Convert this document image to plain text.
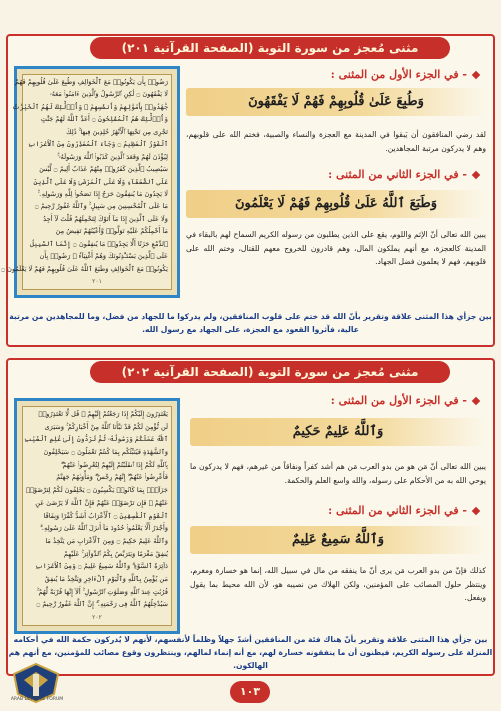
مثنى مُعجز من سورة التوبة (الصفحة القرآنية ٢٠١)
رَضُوا۟ بِأَن يَكُونُوا۟ مَعَ ٱلْخَوَالِفِ وَطُبِعَ عَلَىٰ قُلُوبِهِمْ فَهُمْ
لَا يَفْقَهُونَ ۝ لَٰكِنِ ٱلرَّسُولُ وَٱلَّذِينَ ءَامَنُوا۟ مَعَهُۥ
جَٰهَدُوا۟ بِأَمْوَٰلِهِمْ وَأَنفُسِهِمْ ۚ وَأُو۟لَٰٓئِكَ لَهُمُ ٱلْخَيْرَٰتُ
وَأُو۟لَٰٓئِكَ هُمُ ٱلْمُفْلِحُونَ ۝ أَعَدَّ ٱللَّهُ لَهُمْ جَنَّٰتٍ
تَجْرِى مِن تَحْتِهَا ٱلْأَنْهَٰرُ خَٰلِدِينَ فِيهَا ۚ ذَٰلِكَ
ٱلْفَوْزُ ٱلْعَظِيمُ ۝ وَجَآءَ ٱلْمُعَذِّرُونَ مِنَ ٱلْأَعْرَابِ
لِيُؤْذَنَ لَهُمْ وَقَعَدَ ٱلَّذِينَ كَذَبُوا۟ ٱللَّهَ وَرَسُولَهُۥ ۚ
سَيُصِيبُ ٱلَّذِينَ كَفَرُوا۟ مِنْهُمْ عَذَابٌ أَلِيمٌ ۝ لَّيْسَ
عَلَى ٱلضُّعَفَآءِ وَلَا عَلَى ٱلْمَرْضَىٰ وَلَا عَلَى ٱلَّذِينَ
لَا يَجِدُونَ مَا يُنفِقُونَ حَرَجٌ إِذَا نَصَحُوا۟ لِلَّهِ وَرَسُولِهِۦ ۚ
مَا عَلَى ٱلْمُحْسِنِينَ مِن سَبِيلٍ ۚ وَٱللَّهُ غَفُورٌ رَّحِيمٌ ۝
وَلَا عَلَى ٱلَّذِينَ إِذَا مَآ أَتَوْكَ لِتَحْمِلَهُمْ قُلْتَ لَآ أَجِدُ
مَآ أَحْمِلُكُمْ عَلَيْهِ تَوَلَّوا۟ وَّأَعْيُنُهُمْ تَفِيضُ مِنَ
ٱلدَّمْعِ حَزَنًا أَلَّا يَجِدُوا۟ مَا يُنفِقُونَ ۝ إِنَّمَا ٱلسَّبِيلُ
عَلَى ٱلَّذِينَ يَسْتَـْٔذِنُونَكَ وَهُمْ أَغْنِيَآءُ ۚ رَضُوا۟ بِأَن
يَكُونُوا۟ مَعَ ٱلْخَوَالِفِ وَطَبَعَ ٱللَّهُ عَلَىٰ قُلُوبِهِمْ فَهُمْ لَا يَعْلَمُونَ ۝
٢٠١
- في الجزء الأول من المثنى :
وَطُبِعَ عَلَىٰ قُلُوبِهِمْ فَهُمْ لَا يَفْقَهُونَ
لقد رضي المنافقون أن يَبقوا في المدينة مع العجزة والنساء والصبية، فختم الله على قلوبهم، وهم لا يدركون مرتبة المجاهدين.
- في الجزء الثاني من المثنى :
وَطَبَعَ ٱللَّهُ عَلَىٰ قُلُوبِهِمْ فَهُمْ لَا يَعْلَمُونَ
يبين الله تعالى أنّ الإثم واللوم، يقع على الذين يطلبون من رسوله الكريم السماح لهم بالبقاء في المدينة كالعجزة، مع أنهم يملكون المال، وهم قادرون للخروج معهم للقتال، وختم الله على قلوبهم، فهم لا يعلمون فضل الجهاد.
بين جزأي هذا المثنى علاقة وتقرير بأنّ الله قد ختم على قلوب المنافقين، ولم يدركوا ما للجهاد من فضل، وما للمجاهدين من مرتبة عالية، فآثروا القعود مع العجزة، على الجهاد مع رسول الله.
مثنى مُعجز من سورة التوبة (الصفحة القرآنية ٢٠٢)
يَعْتَذِرُونَ إِلَيْكُمْ إِذَا رَجَعْتُمْ إِلَيْهِمْ ۚ قُل لَّا تَعْتَذِرُوا۟
لَن نُّؤْمِنَ لَكُمْ قَدْ نَبَّأَنَا ٱللَّهُ مِنْ أَخْبَارِكُمْ ۚ وَسَيَرَى
ٱللَّهُ عَمَلَكُمْ وَرَسُولُهُۥ ثُمَّ تُرَدُّونَ إِلَىٰ عَٰلِمِ ٱلْغَيْبِ
وَٱلشَّهَٰدَةِ فَيُنَبِّئُكُم بِمَا كُنتُمْ تَعْمَلُونَ ۝ سَيَحْلِفُونَ
بِٱللَّهِ لَكُمْ إِذَا ٱنقَلَبْتُمْ إِلَيْهِمْ لِتُعْرِضُوا۟ عَنْهُمْ ۖ
فَأَعْرِضُوا۟ عَنْهُمْ ۖ إِنَّهُمْ رِجْسٌ ۖ وَمَأْوَىٰهُمْ جَهَنَّمُ
جَزَآءًۢ بِمَا كَانُوا۟ يَكْسِبُونَ ۝ يَحْلِفُونَ لَكُمْ لِتَرْضَوْا۟
عَنْهُمْ ۖ فَإِن تَرْضَوْا۟ عَنْهُمْ فَإِنَّ ٱللَّهَ لَا يَرْضَىٰ عَنِ
ٱلْقَوْمِ ٱلْفَٰسِقِينَ ۝ ٱلْأَعْرَابُ أَشَدُّ كُفْرًا وَنِفَاقًا
وَأَجْدَرُ أَلَّا يَعْلَمُوا۟ حُدُودَ مَآ أَنزَلَ ٱللَّهُ عَلَىٰ رَسُولِهِۦ ۗ
وَٱللَّهُ عَلِيمٌ حَكِيمٌ ۝ وَمِنَ ٱلْأَعْرَابِ مَن يَتَّخِذُ مَا
يُنفِقُ مَغْرَمًا وَيَتَرَبَّصُ بِكُمُ ٱلدَّوَآئِرَ ۚ عَلَيْهِمْ
دَآئِرَةُ ٱلسَّوْءِ ۗ وَٱللَّهُ سَمِيعٌ عَلِيمٌ ۝ وَمِنَ ٱلْأَعْرَابِ
مَن يُؤْمِنُ بِٱللَّهِ وَٱلْيَوْمِ ٱلْءَاخِرِ وَيَتَّخِذُ مَا يُنفِقُ
قُرُبَٰتٍ عِندَ ٱللَّهِ وَصَلَوَٰتِ ٱلرَّسُولِ ۚ أَلَآ إِنَّهَا قُرْبَةٌ لَّهُمْ ۚ
سَيُدْخِلُهُمُ ٱللَّهُ فِى رَحْمَتِهِۦٓ ۗ إِنَّ ٱللَّهَ غَفُورٌ رَّحِيمٌ ۝
٢٠٢
- في الجزء الأول من المثنى :
وَٱللَّهُ عَلِيمٌ حَكِيمٌ
يبين الله تعالى أنّ مَن هو من بدو العرب مَن هم أشد كفراً ونفاقاً من غيرهم، فهم لا يدركون ما يوحي الله به من الأحكام على رسوله، والله واسع العلم والحكمة.
- في الجزء الثاني من المثنى :
وَٱللَّهُ سَمِيعٌ عَلِيمٌ
كذلك فإنّ من بدو العرب مَن يرى أنّ ما ينفقه من مال في سبيل الله، إنما هو خسارة ومغرم، وينتظر حلول المصائب على المؤمنين، ولكن الهلاك من نصيبه هو، لأن الله محيط بما يقول ويفعل.
بين جزأي هذا المثنى علاقة وتقرير بأنّ هناك فئة من المنافقين أشدّ جهلاً وظلماً لأنفسهم، لأنهم لا يُدركون حكمة الله في أحكامه المنزلة على رسوله الكريم، فيظنون أن ما ينفقونه خسارة لهم، مع أنه إنماء لمالهم، وينتظرون وقوع مصائب للمؤمنين، مع أنهم هم الهالكون.
ARAB DEFENSE FORUM
١٠٣
